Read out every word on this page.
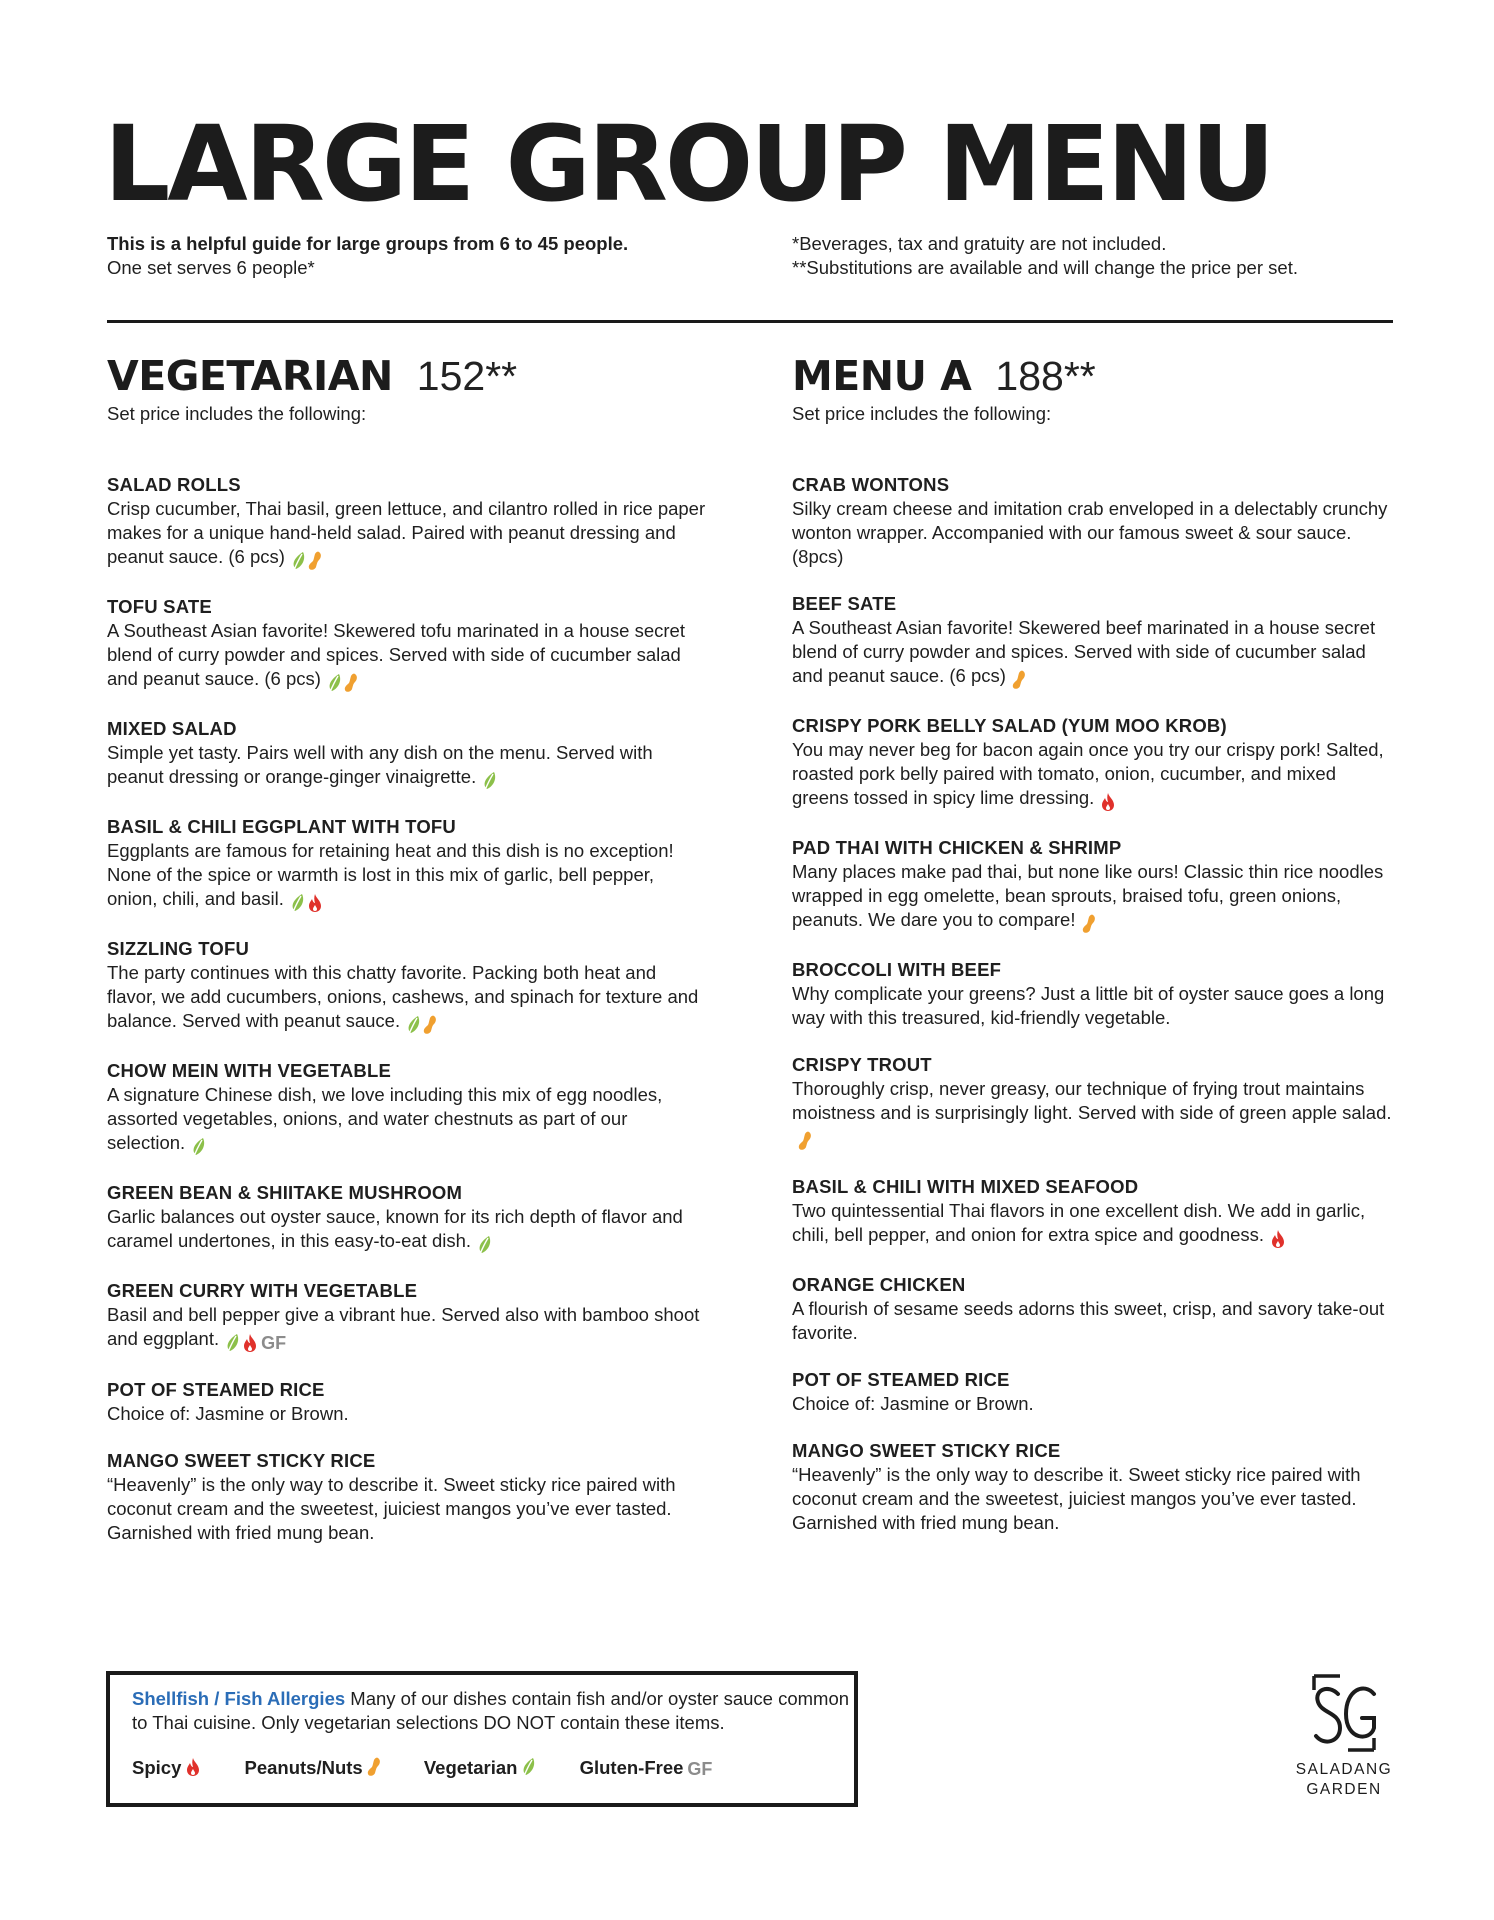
LARGE GROUP MENU
This is a helpful guide for large groups from 6 to 45 people.
One set serves 6 people*
*Beverages, tax and gratuity are not included.
**Substitutions are available and will change the price per set.
VEGETARIAN 152**
Set price includes the following:
SALAD ROLLS
Crisp cucumber, Thai basil, green lettuce, and cilantro rolled in rice paper makes for a unique hand-held salad. Paired with peanut dressing and peanut sauce. (6 pcs)
TOFU SATE
A Southeast Asian favorite! Skewered tofu marinated in a house secret blend of curry powder and spices. Served with side of cucumber salad and peanut sauce. (6 pcs)
MIXED SALAD
Simple yet tasty. Pairs well with any dish on the menu. Served with peanut dressing or orange-ginger vinaigrette.
BASIL & CHILI EGGPLANT WITH TOFU
Eggplants are famous for retaining heat and this dish is no exception! None of the spice or warmth is lost in this mix of garlic, bell pepper, onion, chili, and basil.
SIZZLING TOFU
The party continues with this chatty favorite. Packing both heat and flavor, we add cucumbers, onions, cashews, and spinach for texture and balance. Served with peanut sauce.
CHOW MEIN WITH VEGETABLE
A signature Chinese dish, we love including this mix of egg noodles, assorted vegetables, onions, and water chestnuts as part of our selection.
GREEN BEAN & SHIITAKE MUSHROOM
Garlic balances out oyster sauce, known for its rich depth of flavor and caramel undertones, in this easy-to-eat dish.
GREEN CURRY WITH VEGETABLE
Basil and bell pepper give a vibrant hue. Served also with bamboo shoot and eggplant. GF
POT OF STEAMED RICE
Choice of: Jasmine or Brown.
MANGO SWEET STICKY RICE
“Heavenly” is the only way to describe it. Sweet sticky rice paired with coconut cream and the sweetest, juiciest mangos you’ve ever tasted. Garnished with fried mung bean.
MENU A 188**
Set price includes the following:
CRAB WONTONS
Silky cream cheese and imitation crab enveloped in a delectably crunchy wonton wrapper. Accompanied with our famous sweet & sour sauce. (8pcs)
BEEF SATE
A Southeast Asian favorite! Skewered beef marinated in a house secret blend of curry powder and spices. Served with side of cucumber salad and peanut sauce. (6 pcs)
CRISPY PORK BELLY SALAD (YUM MOO KROB)
You may never beg for bacon again once you try our crispy pork! Salted, roasted pork belly paired with tomato, onion, cucumber, and mixed greens tossed in spicy lime dressing.
PAD THAI WITH CHICKEN & SHRIMP
Many places make pad thai, but none like ours! Classic thin rice noodles wrapped in egg omelette, bean sprouts, braised tofu, green onions, peanuts. We dare you to compare!
BROCCOLI WITH BEEF
Why complicate your greens? Just a little bit of oyster sauce goes a long way with this treasured, kid-friendly vegetable.
CRISPY TROUT
Thoroughly crisp, never greasy, our technique of frying trout maintains moistness and is surprisingly light. Served with side of green apple salad.
BASIL & CHILI WITH MIXED SEAFOOD
Two quintessential Thai flavors in one excellent dish. We add in garlic, chili, bell pepper, and onion for extra spice and goodness.
ORANGE CHICKEN
A flourish of sesame seeds adorns this sweet, crisp, and savory take-out favorite.
POT OF STEAMED RICE
Choice of: Jasmine or Brown.
MANGO SWEET STICKY RICE
“Heavenly” is the only way to describe it. Sweet sticky rice paired with coconut cream and the sweetest, juiciest mangos you’ve ever tasted. Garnished with fried mung bean.
Shellfish / Fish Allergies Many of our dishes contain fish and/or oyster sauce common to Thai cuisine. Only vegetarian selections DO NOT contain these items.
Spicy	Peanuts/Nuts	Vegetarian	Gluten-Free GF	SALADANG
GARDEN
